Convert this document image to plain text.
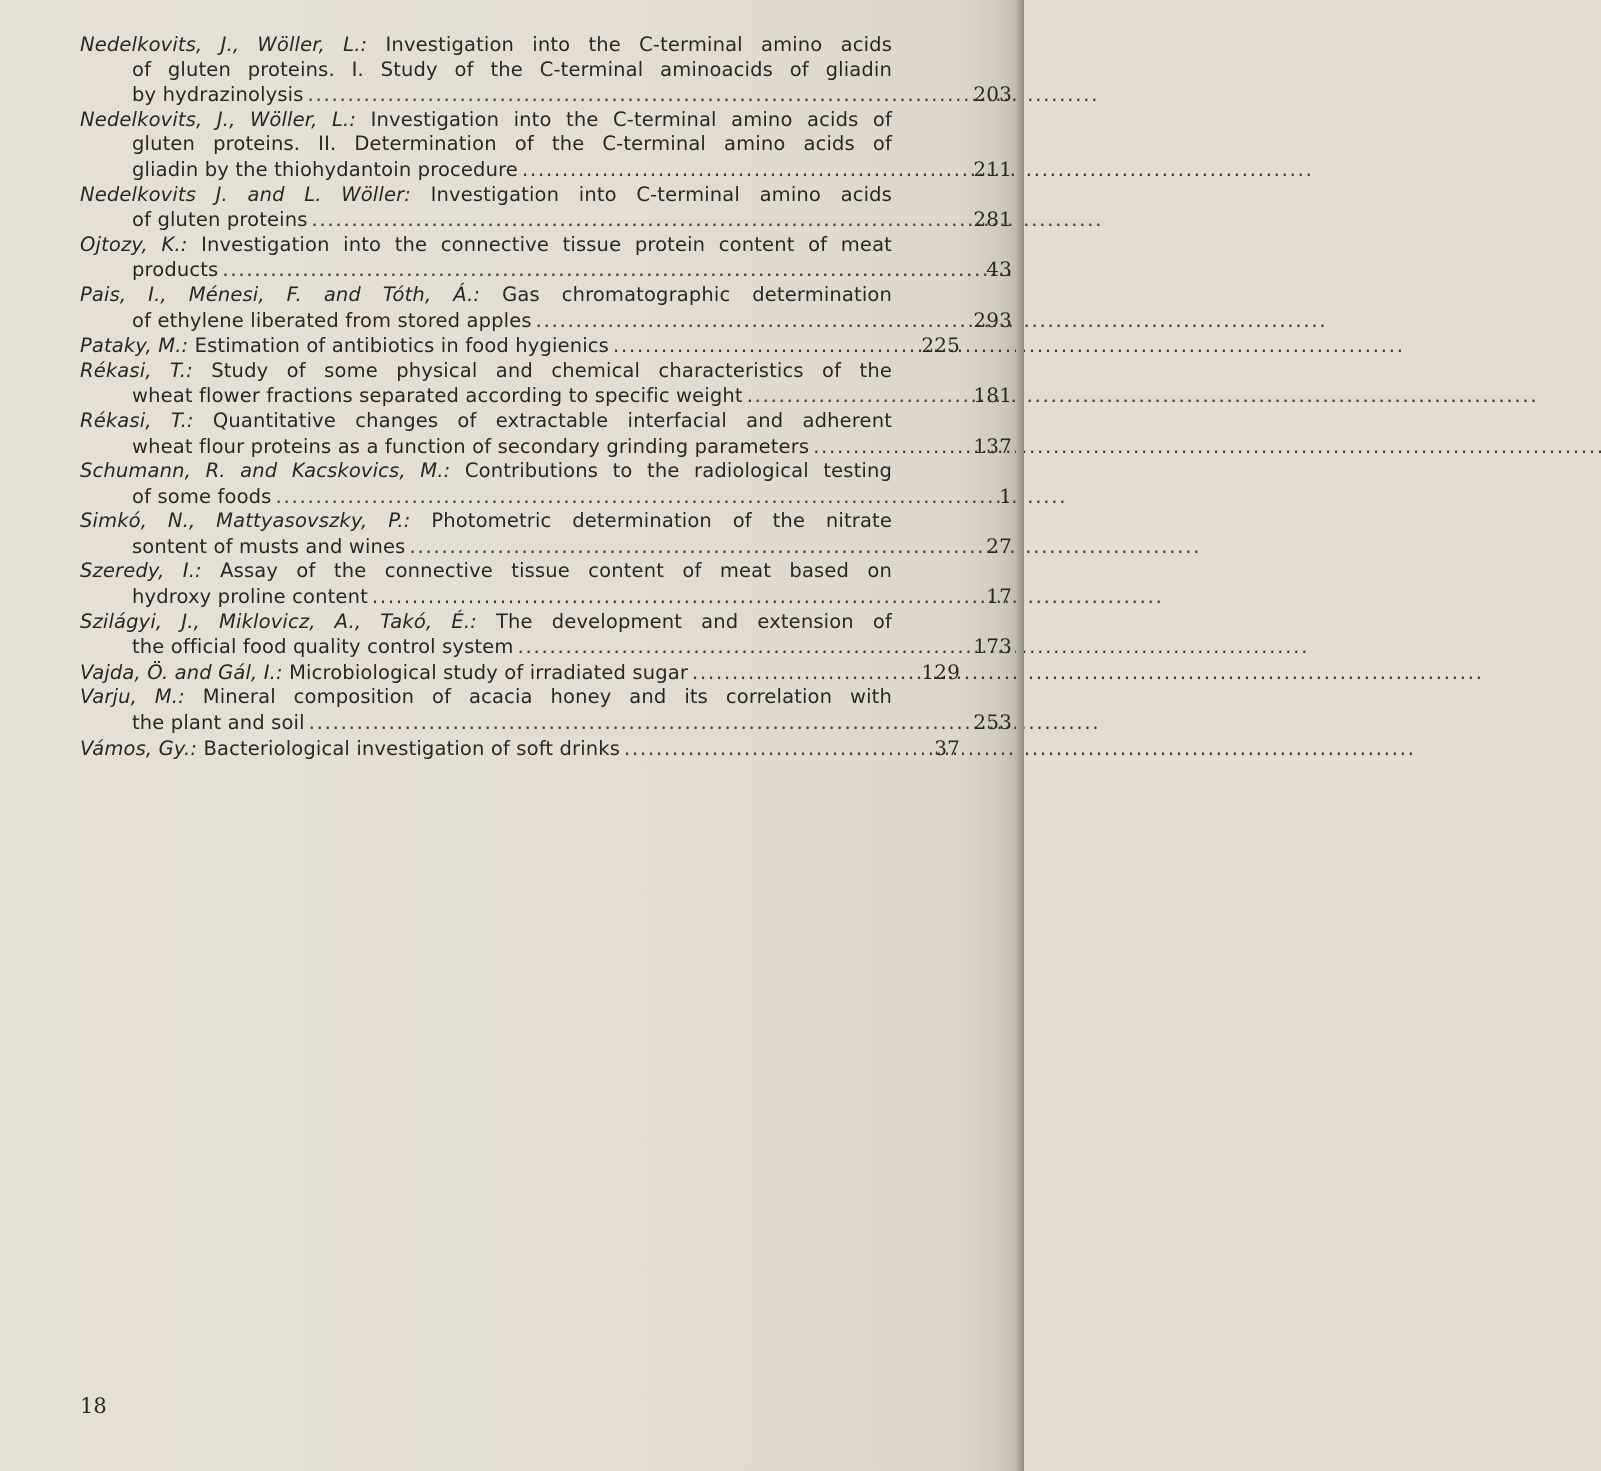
Nedelkovits, J., Wöller, L.: Investigation into the C-terminal amino acids
of gluten proteins. I. Study of the C-terminal aminoacids of gliadin
by hydrazinolysis . . .	203
Nedelkovits, J., Wöller, L.: Investigation into the C-terminal amino acids of
gluten proteins. II. Determination of the C-terminal amino acids of
gliadin by the thiohydantoin procedure . . .	211
Nedelkovits J. and L. Wöller: Investigation into C-terminal amino acids
of gluten proteins . . .	281
Ojtozy, K.: Investigation into the connective tissue protein content of meat
products . . .	43
Pais, I., Ménesi, F. and Tóth, Á.: Gas chromatographic determination
of ethylene liberated from stored apples . . .	293
Pataky, M.: Estimation of antibiotics in food hygienics . . .	225
Rékasi, T.: Study of some physical and chemical characteristics of the
wheat flower fractions separated according to specific weight . . .	181
Rékasi, T.: Quantitative changes of extractable interfacial and adherent
wheat flour proteins as a function of secondary grinding parameters . . .	137
Schumann, R. and Kacskovics, M.: Contributions to the radiological testing
of some foods . . .	1
Simkó, N., Mattyasovszky, P.: Photometric determination of the nitrate
sontent of musts and wines . . .	27
Szeredy, I.: Assay of the connective tissue content of meat based on
hydroxy proline content . . .	17
Szilágyi, J., Miklovicz, A., Takó, É.: The development and extension of
the official food quality control system . . .	173
Vajda, Ö. and Gál, I.: Microbiological study of irradiated sugar . . .	129
Varju, M.: Mineral composition of acacia honey and its correlation with
the plant and soil . . .	253
Vámos, Gy.: Bacteriological investigation of soft drinks . . .	37
18
